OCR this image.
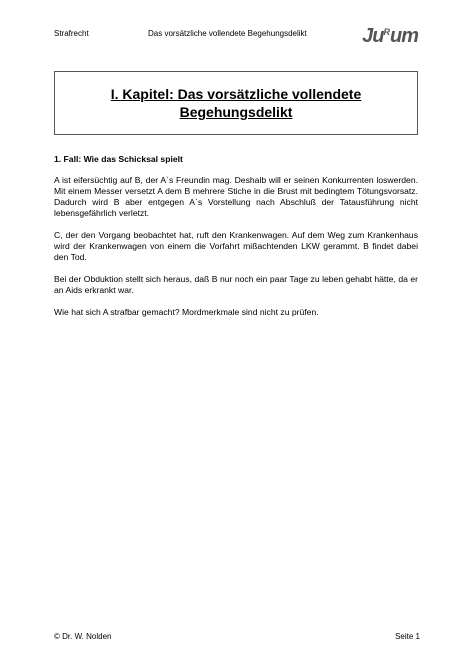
Strafrecht	Das vorsätzliche vollendete Begehungsdelikt	$Ju^Rum$
I. Kapitel: Das vorsätzliche vollendete
Begehungsdelikt
1. Fall: Wie das Schicksal spielt

A ist eifersüchtig auf B, der A`s Freundin mag. Deshalb will er seinen Konkurrenten loswerden. Mit einem Messer versetzt A dem B mehrere Stiche in die Brust mit bedingtem Tötungsvorsatz. Dadurch wird B aber entgegen A`s Vorstellung nach Abschluß der Tatausführung nicht lebensgefährlich verletzt.

C, der den Vorgang beobachtet hat, ruft den Krankenwagen. Auf dem Weg zum Krankenhaus wird der Krankenwagen von einem die Vorfahrt mißachtenden LKW gerammt. B findet dabei den Tod.

Bei der Obduktion stellt sich heraus, daß B nur noch ein paar Tage zu leben gehabt hätte, da er an Aids erkrankt war.

Wie hat sich A strafbar gemacht? Mordmerkmale sind nicht zu prüfen.

© Dr. W. Nolden	Seite 1
